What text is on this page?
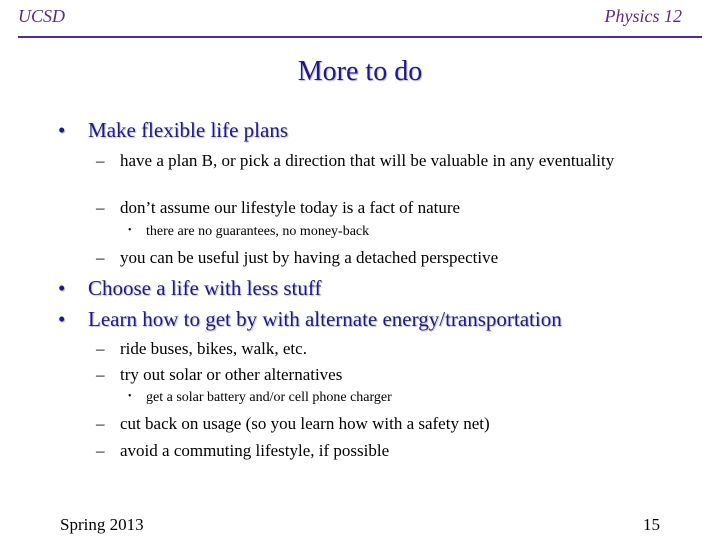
UCSD	Physics 12
More to do
• Make flexible life plans
– have a plan B, or pick a direction that will be valuable in any eventuality
– don’t assume our lifestyle today is a fact of nature
• there are no guarantees, no money-back
– you can be useful just by having a detached perspective
• Choose a life with less stuff
• Learn how to get by with alternate energy/transportation
– ride buses, bikes, walk, etc.
– try out solar or other alternatives
• get a solar battery and/or cell phone charger
– cut back on usage (so you learn how with a safety net)
– avoid a commuting lifestyle, if possible
Spring 2013	15
